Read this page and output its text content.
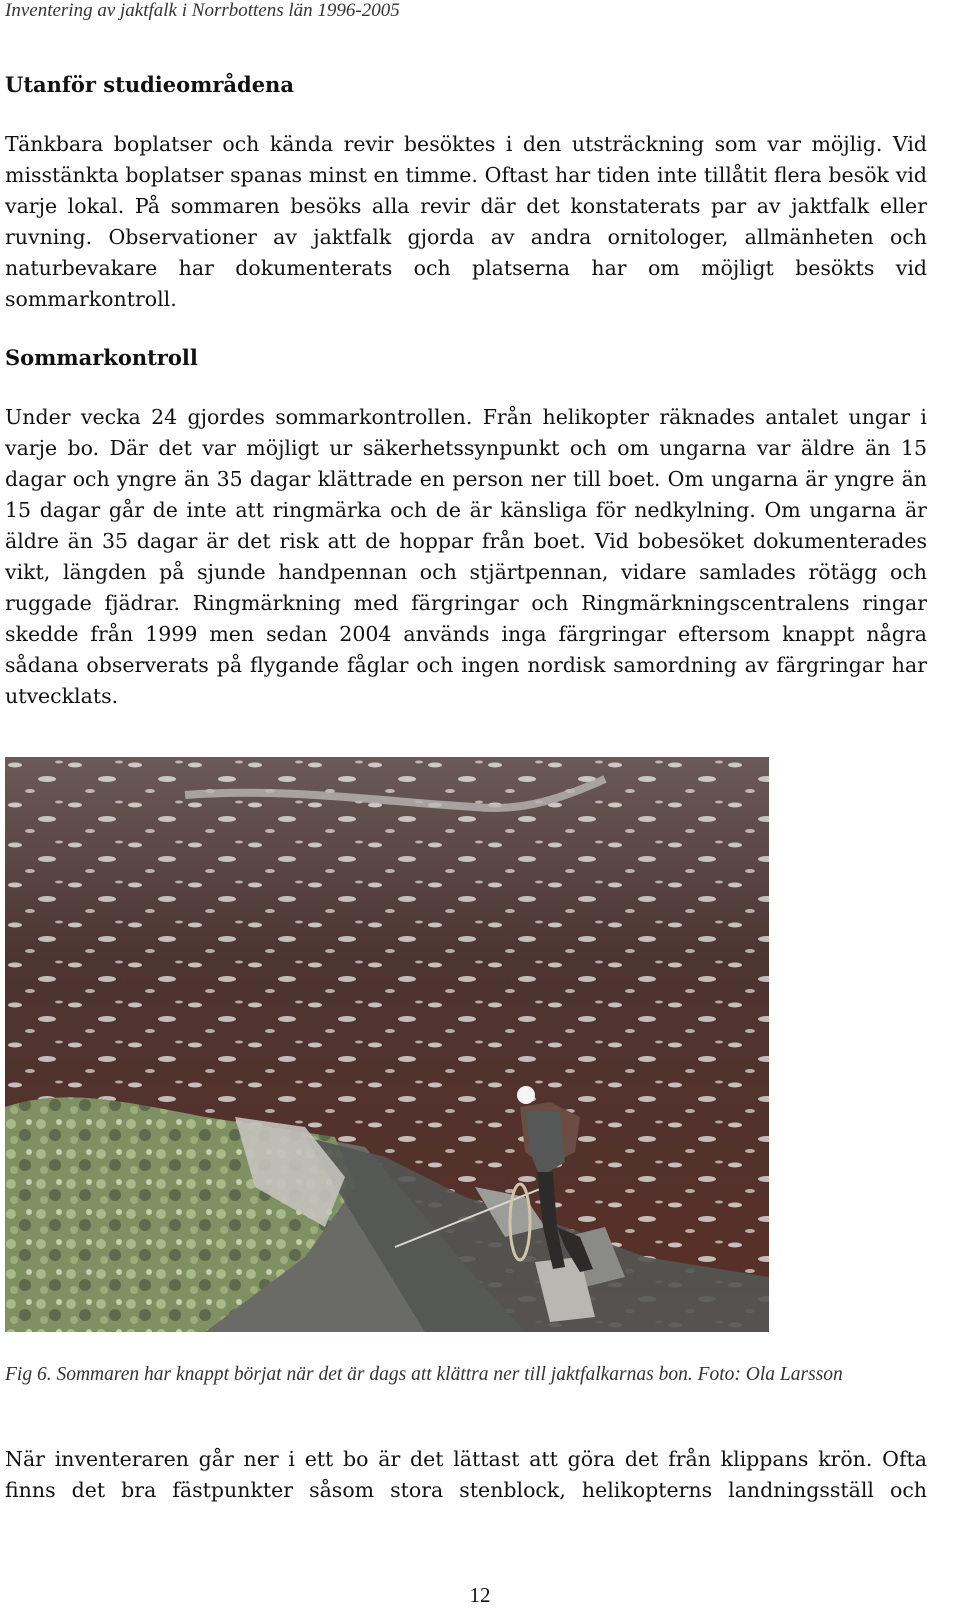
Inventering av jaktfalk i Norrbottens län 1996-2005
Utanför studieområdena
Tänkbara boplatser och kända revir besöktes i den utsträckning som var möjlig. Vid misstänkta boplatser spanas minst en timme. Oftast har tiden inte tillåtit flera besök vid varje lokal. På sommaren besöks alla revir där det konstaterats par av jaktfalk eller ruvning. Observationer av jaktfalk gjorda av andra ornitologer, allmänheten och naturbevakare har dokumenterats och platserna har om möjligt besökts vid sommarkontroll.
Sommarkontroll
Under vecka 24 gjordes sommarkontrollen. Från helikopter räknades antalet ungar i varje bo. Där det var möjligt ur säkerhetssynpunkt och om ungarna var äldre än 15 dagar och yngre än 35 dagar klättrade en person ner till boet. Om ungarna är yngre än 15 dagar går de inte att ringmärka och de är känsliga för nedkylning. Om ungarna är äldre än 35 dagar är det risk att de hoppar från boet. Vid bobesöket dokumenterades vikt, längden på sjunde handpennan och stjärtpennan, vidare samlades rötägg och ruggade fjädrar. Ringmärkning med färgringar och Ringmärkningscentralens ringar skedde från 1999 men sedan 2004 används inga färgringar eftersom knappt några sådana observerats på flygande fåglar och ingen nordisk samordning av färgringar har utvecklats.
Fig 6. Sommaren har knappt börjat när det är dags att klättra ner till jaktfalkarnas bon. Foto: Ola Larsson
När inventeraren går ner i ett bo är det lättast att göra det från klippans krön. Ofta finns det bra fästpunkter såsom stora stenblock, helikopterns landningsställ och
12
